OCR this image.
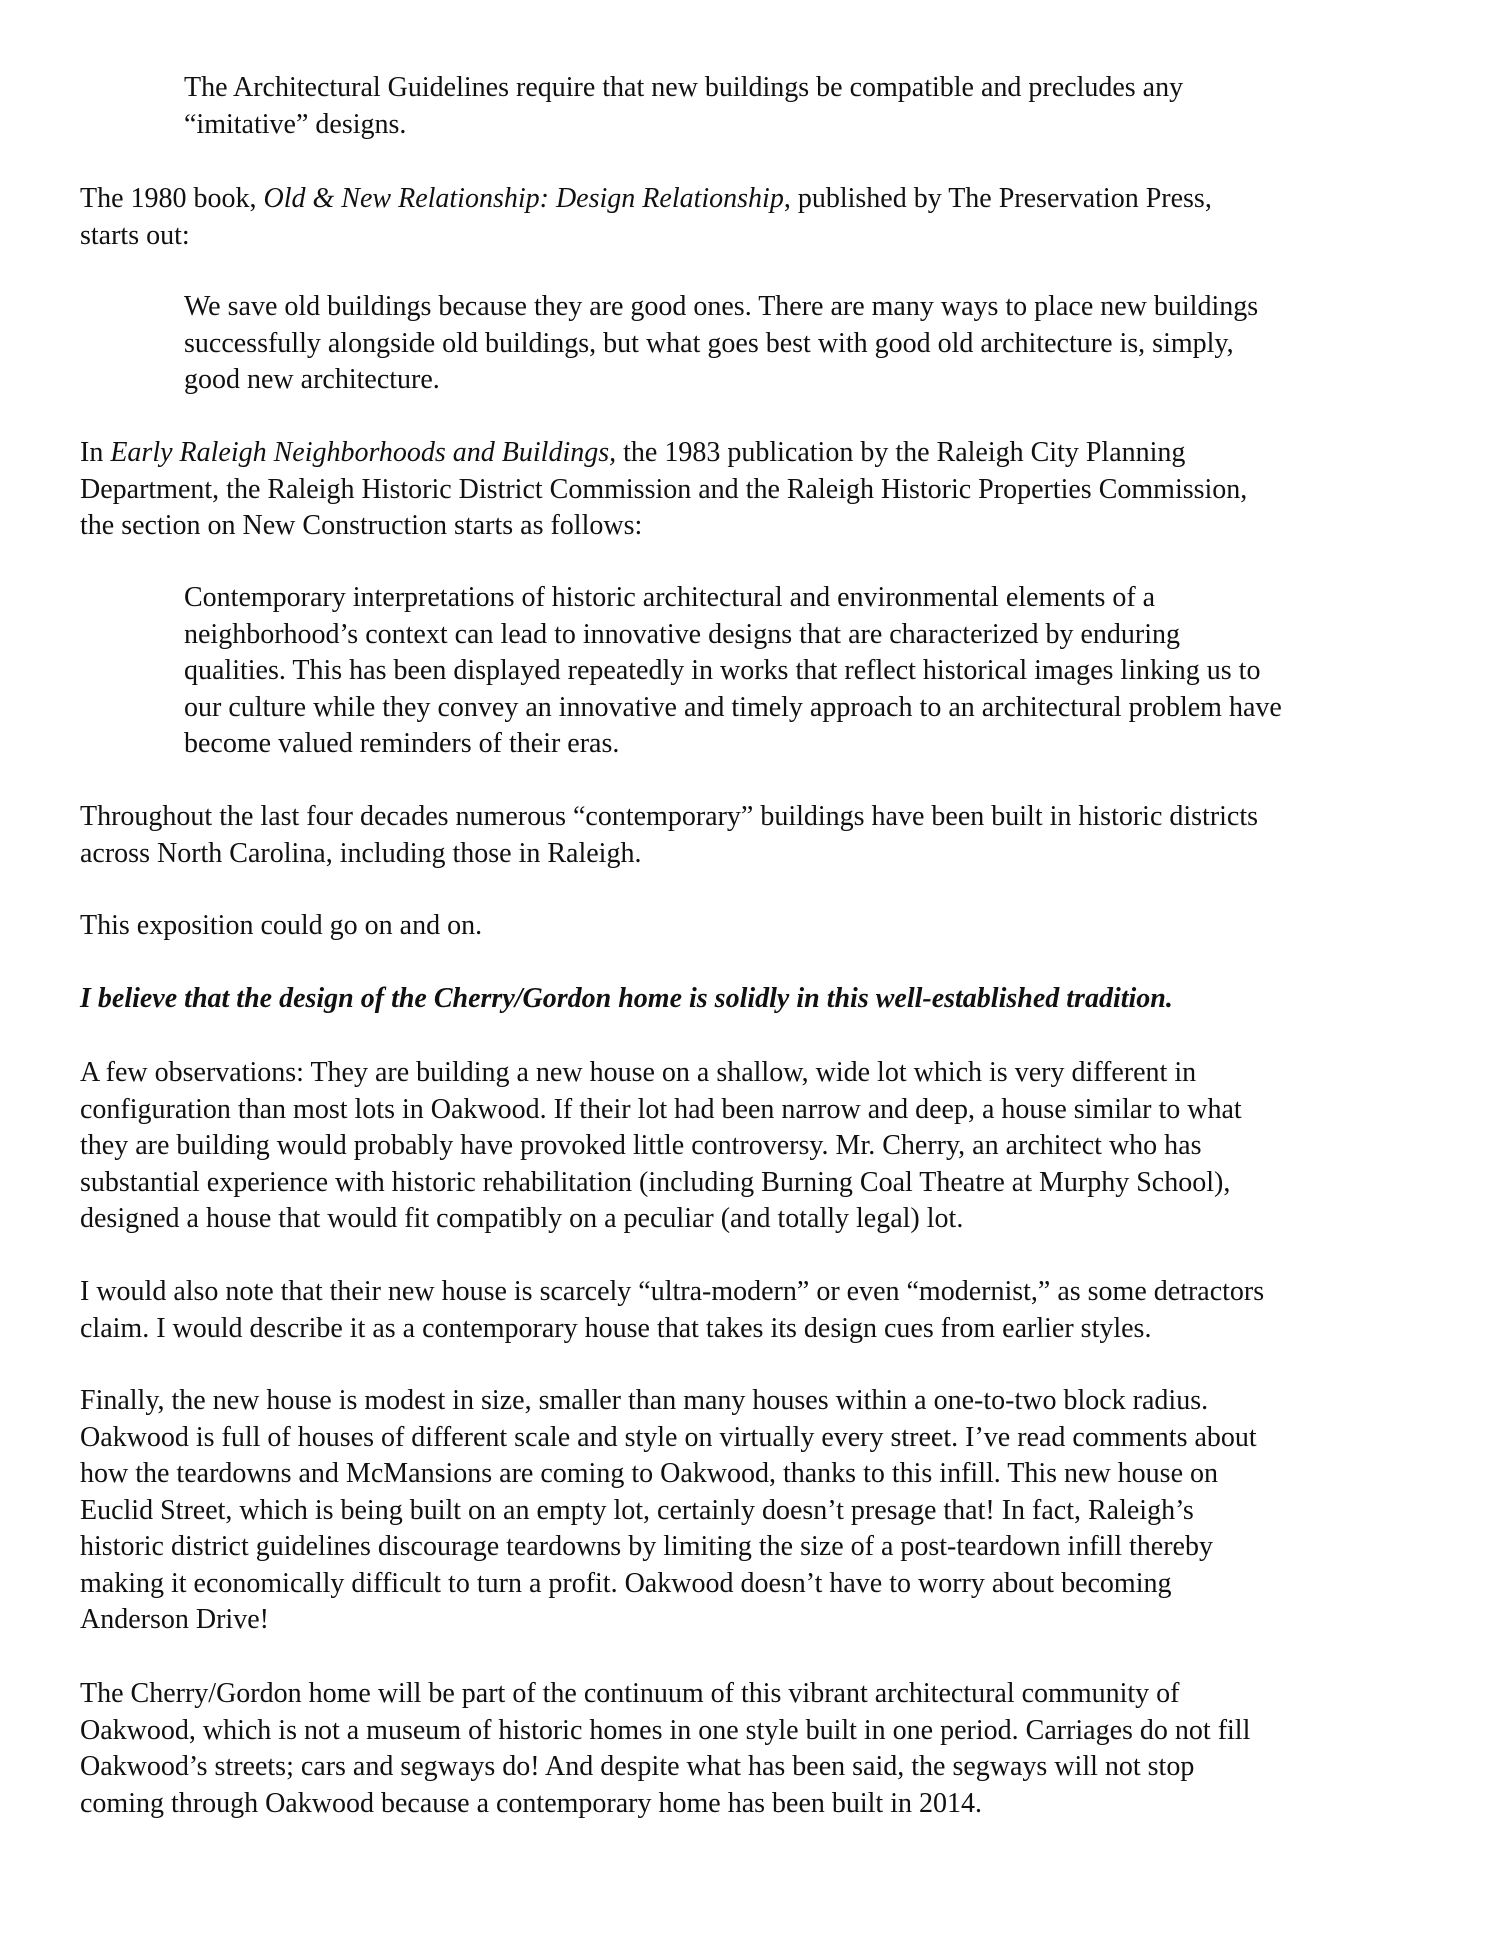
The Architectural Guidelines require that new buildings be compatible and precludes any
“imitative” designs.
The 1980 book, Old & New Relationship: Design Relationship, published by The Preservation Press,
starts out:
We save old buildings because they are good ones. There are many ways to place new buildings
successfully alongside old buildings, but what goes best with good old architecture is, simply,
good new architecture.
In Early Raleigh Neighborhoods and Buildings, the 1983 publication by the Raleigh City Planning
Department, the Raleigh Historic District Commission and the Raleigh Historic Properties Commission,
the section on New Construction starts as follows:
Contemporary interpretations of historic architectural and environmental elements of a
neighborhood’s context can lead to innovative designs that are characterized by enduring
qualities. This has been displayed repeatedly in works that reflect historical images linking us to
our culture while they convey an innovative and timely approach to an architectural problem have
become valued reminders of their eras.
Throughout the last four decades numerous “contemporary” buildings have been built in historic districts
across North Carolina, including those in Raleigh.
This exposition could go on and on.
I believe that the design of the Cherry/Gordon home is solidly in this well-established tradition.
A few observations: They are building a new house on a shallow, wide lot which is very different in
configuration than most lots in Oakwood. If their lot had been narrow and deep, a house similar to what
they are building would probably have provoked little controversy. Mr. Cherry, an architect who has
substantial experience with historic rehabilitation (including Burning Coal Theatre at Murphy School),
designed a house that would fit compatibly on a peculiar (and totally legal) lot.
I would also note that their new house is scarcely “ultra-modern” or even “modernist,” as some detractors
claim. I would describe it as a contemporary house that takes its design cues from earlier styles.
Finally, the new house is modest in size, smaller than many houses within a one-to-two block radius.
Oakwood is full of houses of different scale and style on virtually every street. I’ve read comments about
how the teardowns and McMansions are coming to Oakwood, thanks to this infill. This new house on
Euclid Street, which is being built on an empty lot, certainly doesn’t presage that! In fact, Raleigh’s
historic district guidelines discourage teardowns by limiting the size of a post-teardown infill thereby
making it economically difficult to turn a profit. Oakwood doesn’t have to worry about becoming
Anderson Drive!
The Cherry/Gordon home will be part of the continuum of this vibrant architectural community of
Oakwood, which is not a museum of historic homes in one style built in one period. Carriages do not fill
Oakwood’s streets; cars and segways do! And despite what has been said, the segways will not stop
coming through Oakwood because a contemporary home has been built in 2014.
